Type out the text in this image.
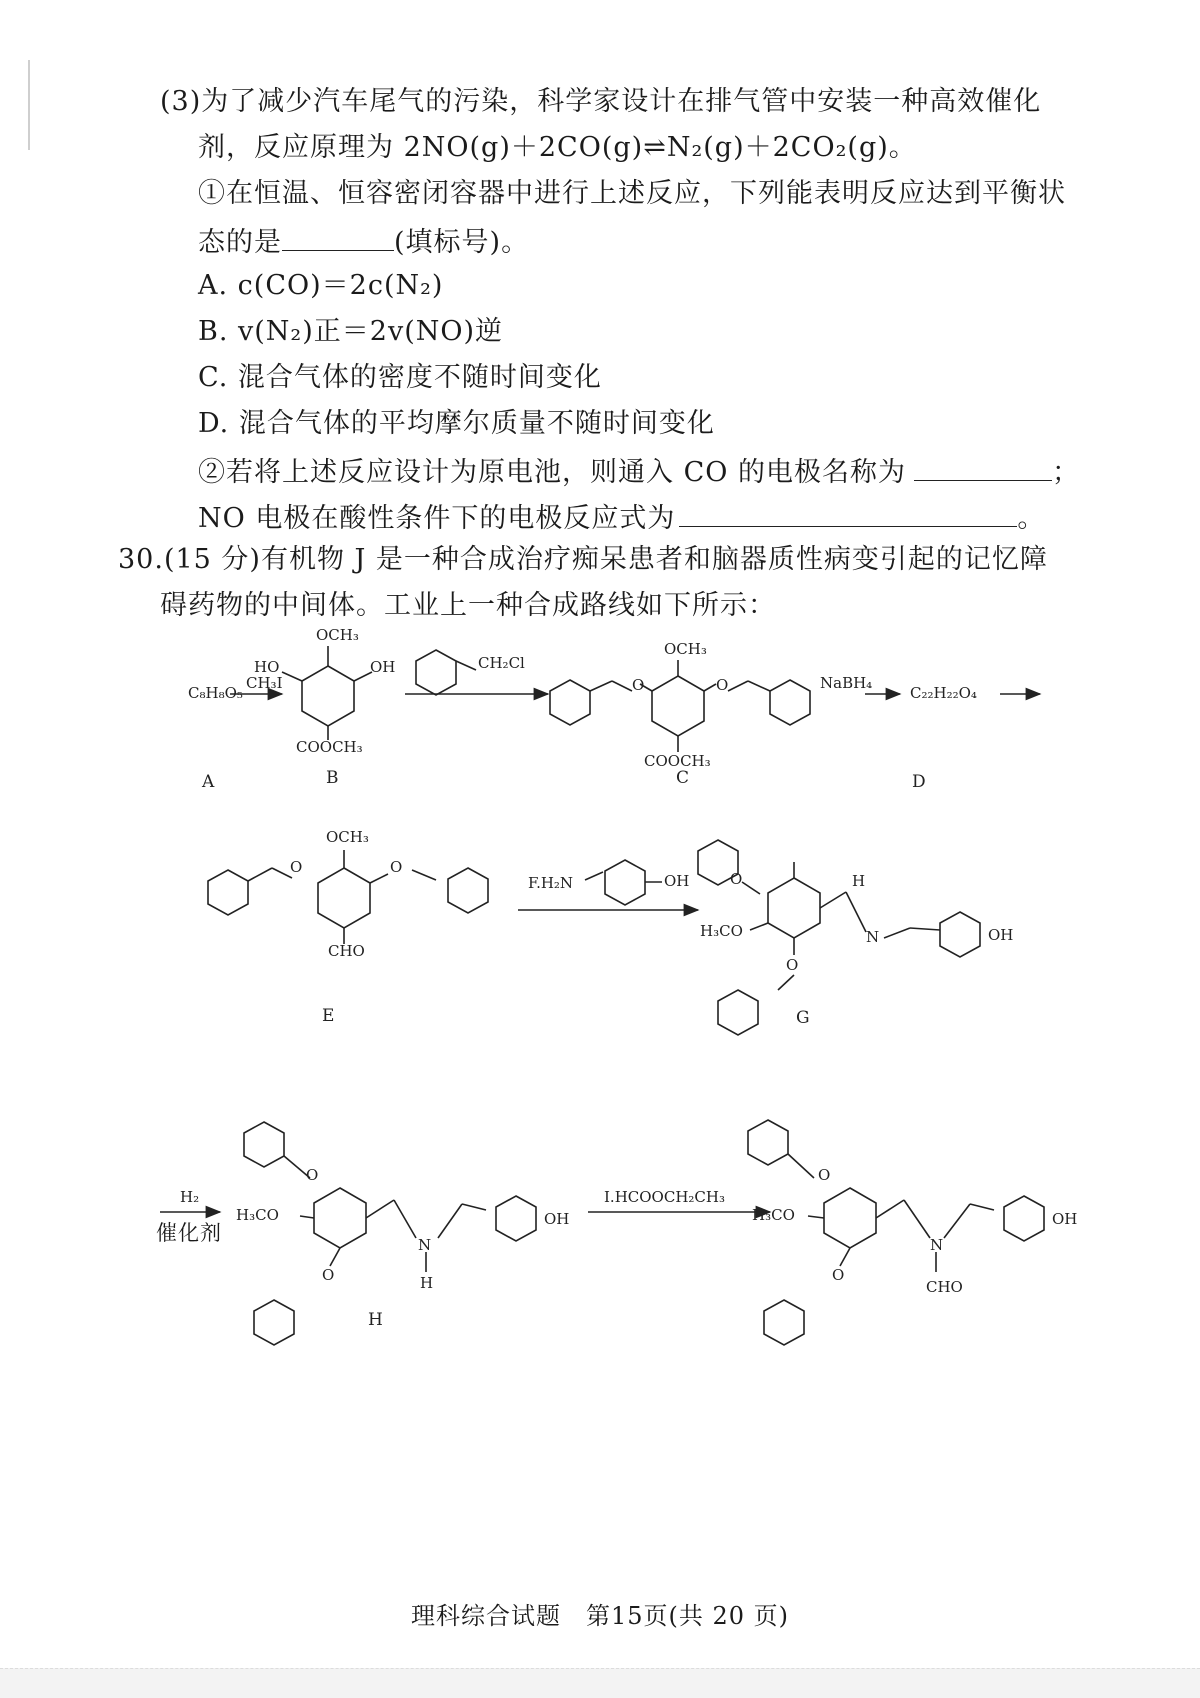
(3)为了减少汽车尾气的污染，科学家设计在排气管中安装一种高效催化
剂，反应原理为 2NO(g)＋2CO(g)⇌N₂(g)＋2CO₂(g)。
①在恒温、恒容密闭容器中进行上述反应，下列能表明反应达到平衡状
态的是	(填标号)。
A. c(CO)＝2c(N₂)
B. v(N₂)正＝2v(NO)逆
C. 混合气体的密度不随时间变化
D. 混合气体的平均摩尔质量不随时间变化
②若将上述反应设计为原电池，则通入 CO 的电极名称为	；
NO 电极在酸性条件下的电极反应式为	。
30.(15 分)有机物 J 是一种合成治疗痴呆患者和脑器质性病变引起的记忆障
碍药物的中间体。工业上一种合成路线如下所示：
C₈H₈O₅
CH₃I
OCH₃
HO	OH
COOCH₃
CH₂Cl
OCH₃
O	O
COOCH₃
NaBH₄
C₂₂H₂₂O₄
A	B	C	D
OCH₃
O	O
CHO
F.H₂N	OH	O
H₃CO
O
H
N	OH
E	G
H₂
催化剂
O
H₃CO
O
N
H
OH
H
I.HCOOCH₂CH₃
O
H₃CO
O
N
CHO
OH
理科综合试题　第15页(共 20 页)
